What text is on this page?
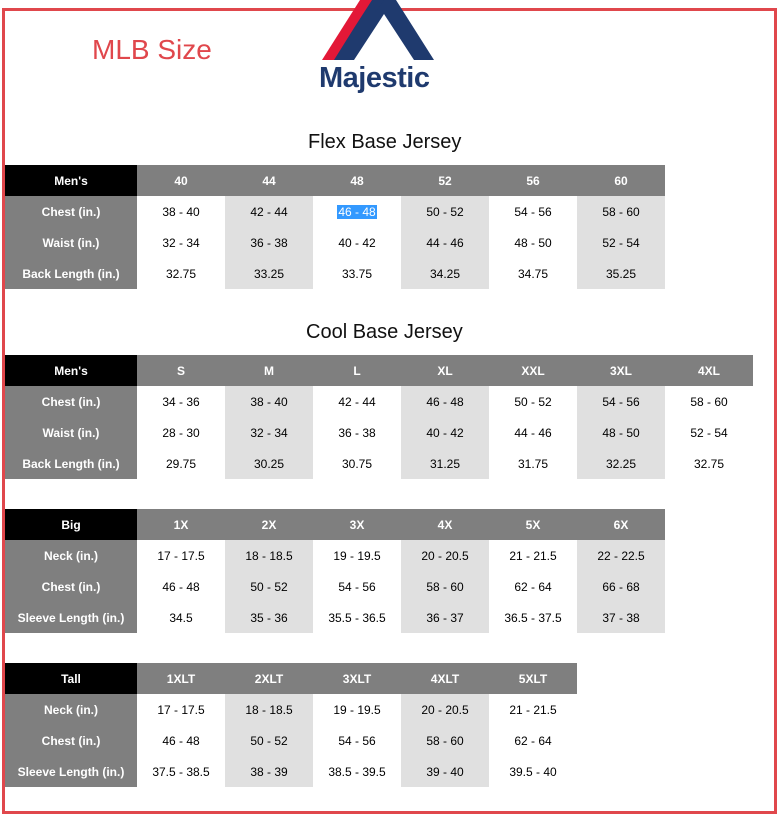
MLB Size
Majestic
Flex Base Jersey
Men's	40	44	48	52	56	60
Chest (in.)	38 - 40	42 - 44	46 - 48	50 - 52	54 - 56	58 - 60
Waist (in.)	32 - 34	36 - 38	40 - 42	44 - 46	48 - 50	52 - 54
Back Length (in.)	32.75	33.25	33.75	34.25	34.75	35.25
Cool Base Jersey
Men's	S	M	L	XL	XXL	3XL	4XL
Chest (in.)	34 - 36	38 - 40	42 - 44	46 - 48	50 - 52	54 - 56	58 - 60
Waist (in.)	28 - 30	32 - 34	36 - 38	40 - 42	44 - 46	48 - 50	52 - 54
Back Length (in.)	29.75	30.25	30.75	31.25	31.75	32.25	32.75
Big	1X	2X	3X	4X	5X	6X
Neck (in.)	17 - 17.5	18 - 18.5	19 - 19.5	20 - 20.5	21 - 21.5	22 - 22.5
Chest (in.)	46 - 48	50 - 52	54 - 56	58 - 60	62 - 64	66 - 68
Sleeve Length (in.)	34.5	35 - 36	35.5 - 36.5	36 - 37	36.5 - 37.5	37 - 38
Tall	1XLT	2XLT	3XLT	4XLT	5XLT
Neck (in.)	17 - 17.5	18 - 18.5	19 - 19.5	20 - 20.5	21 - 21.5
Chest (in.)	46 - 48	50 - 52	54 - 56	58 - 60	62 - 64
Sleeve Length (in.)	37.5 - 38.5	38 - 39	38.5 - 39.5	39 - 40	39.5 - 40
